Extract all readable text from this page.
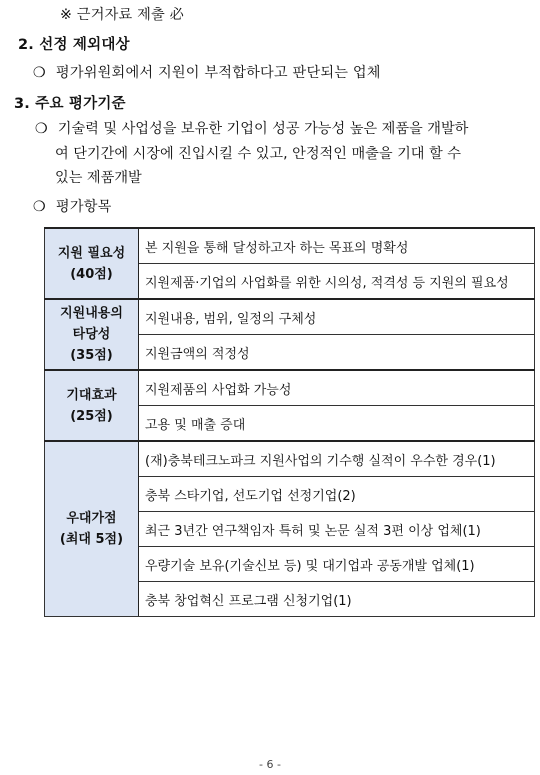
※ 근거자료 제출 必
2. 선정 제외대상
❍ 평가위원회에서 지원이 부적합하다고 판단되는 업체
3. 주요 평가기준
❍ 기술력 및 사업성을 보유한 기업이 성공 가능성 높은 제품을 개발하
여 단기간에 시장에 진입시킬 수 있고, 안정적인 매출을 기대 할 수
있는 제품개발
❍ 평가항목
지원 필요성
(40점)	본 지원을 통해 달성하고자 하는 목표의 명확성
	지원제품·기업의 사업화를 위한 시의성, 적격성 등 지원의 필요성

지원내용의
타당성
(35점)	지원내용, 범위, 일정의 구체성
	지원금액의 적정성

기대효과
(25점)	지원제품의 사업화 가능성
	고용 및 매출 증대

우대가점
(최대 5점)	(재)충북테크노파크 지원사업의 기수행 실적이 우수한 경우(1)
	충북 스타기업, 선도기업 선정기업(2)
	최근 3년간 연구책임자 특허 및 논문 실적 3편 이상 업체(1)
	우량기술 보유(기술신보 등) 및 대기업과 공동개발 업체(1)
	충북 창업혁신 프로그램 신청기업(1)
- 6 -
